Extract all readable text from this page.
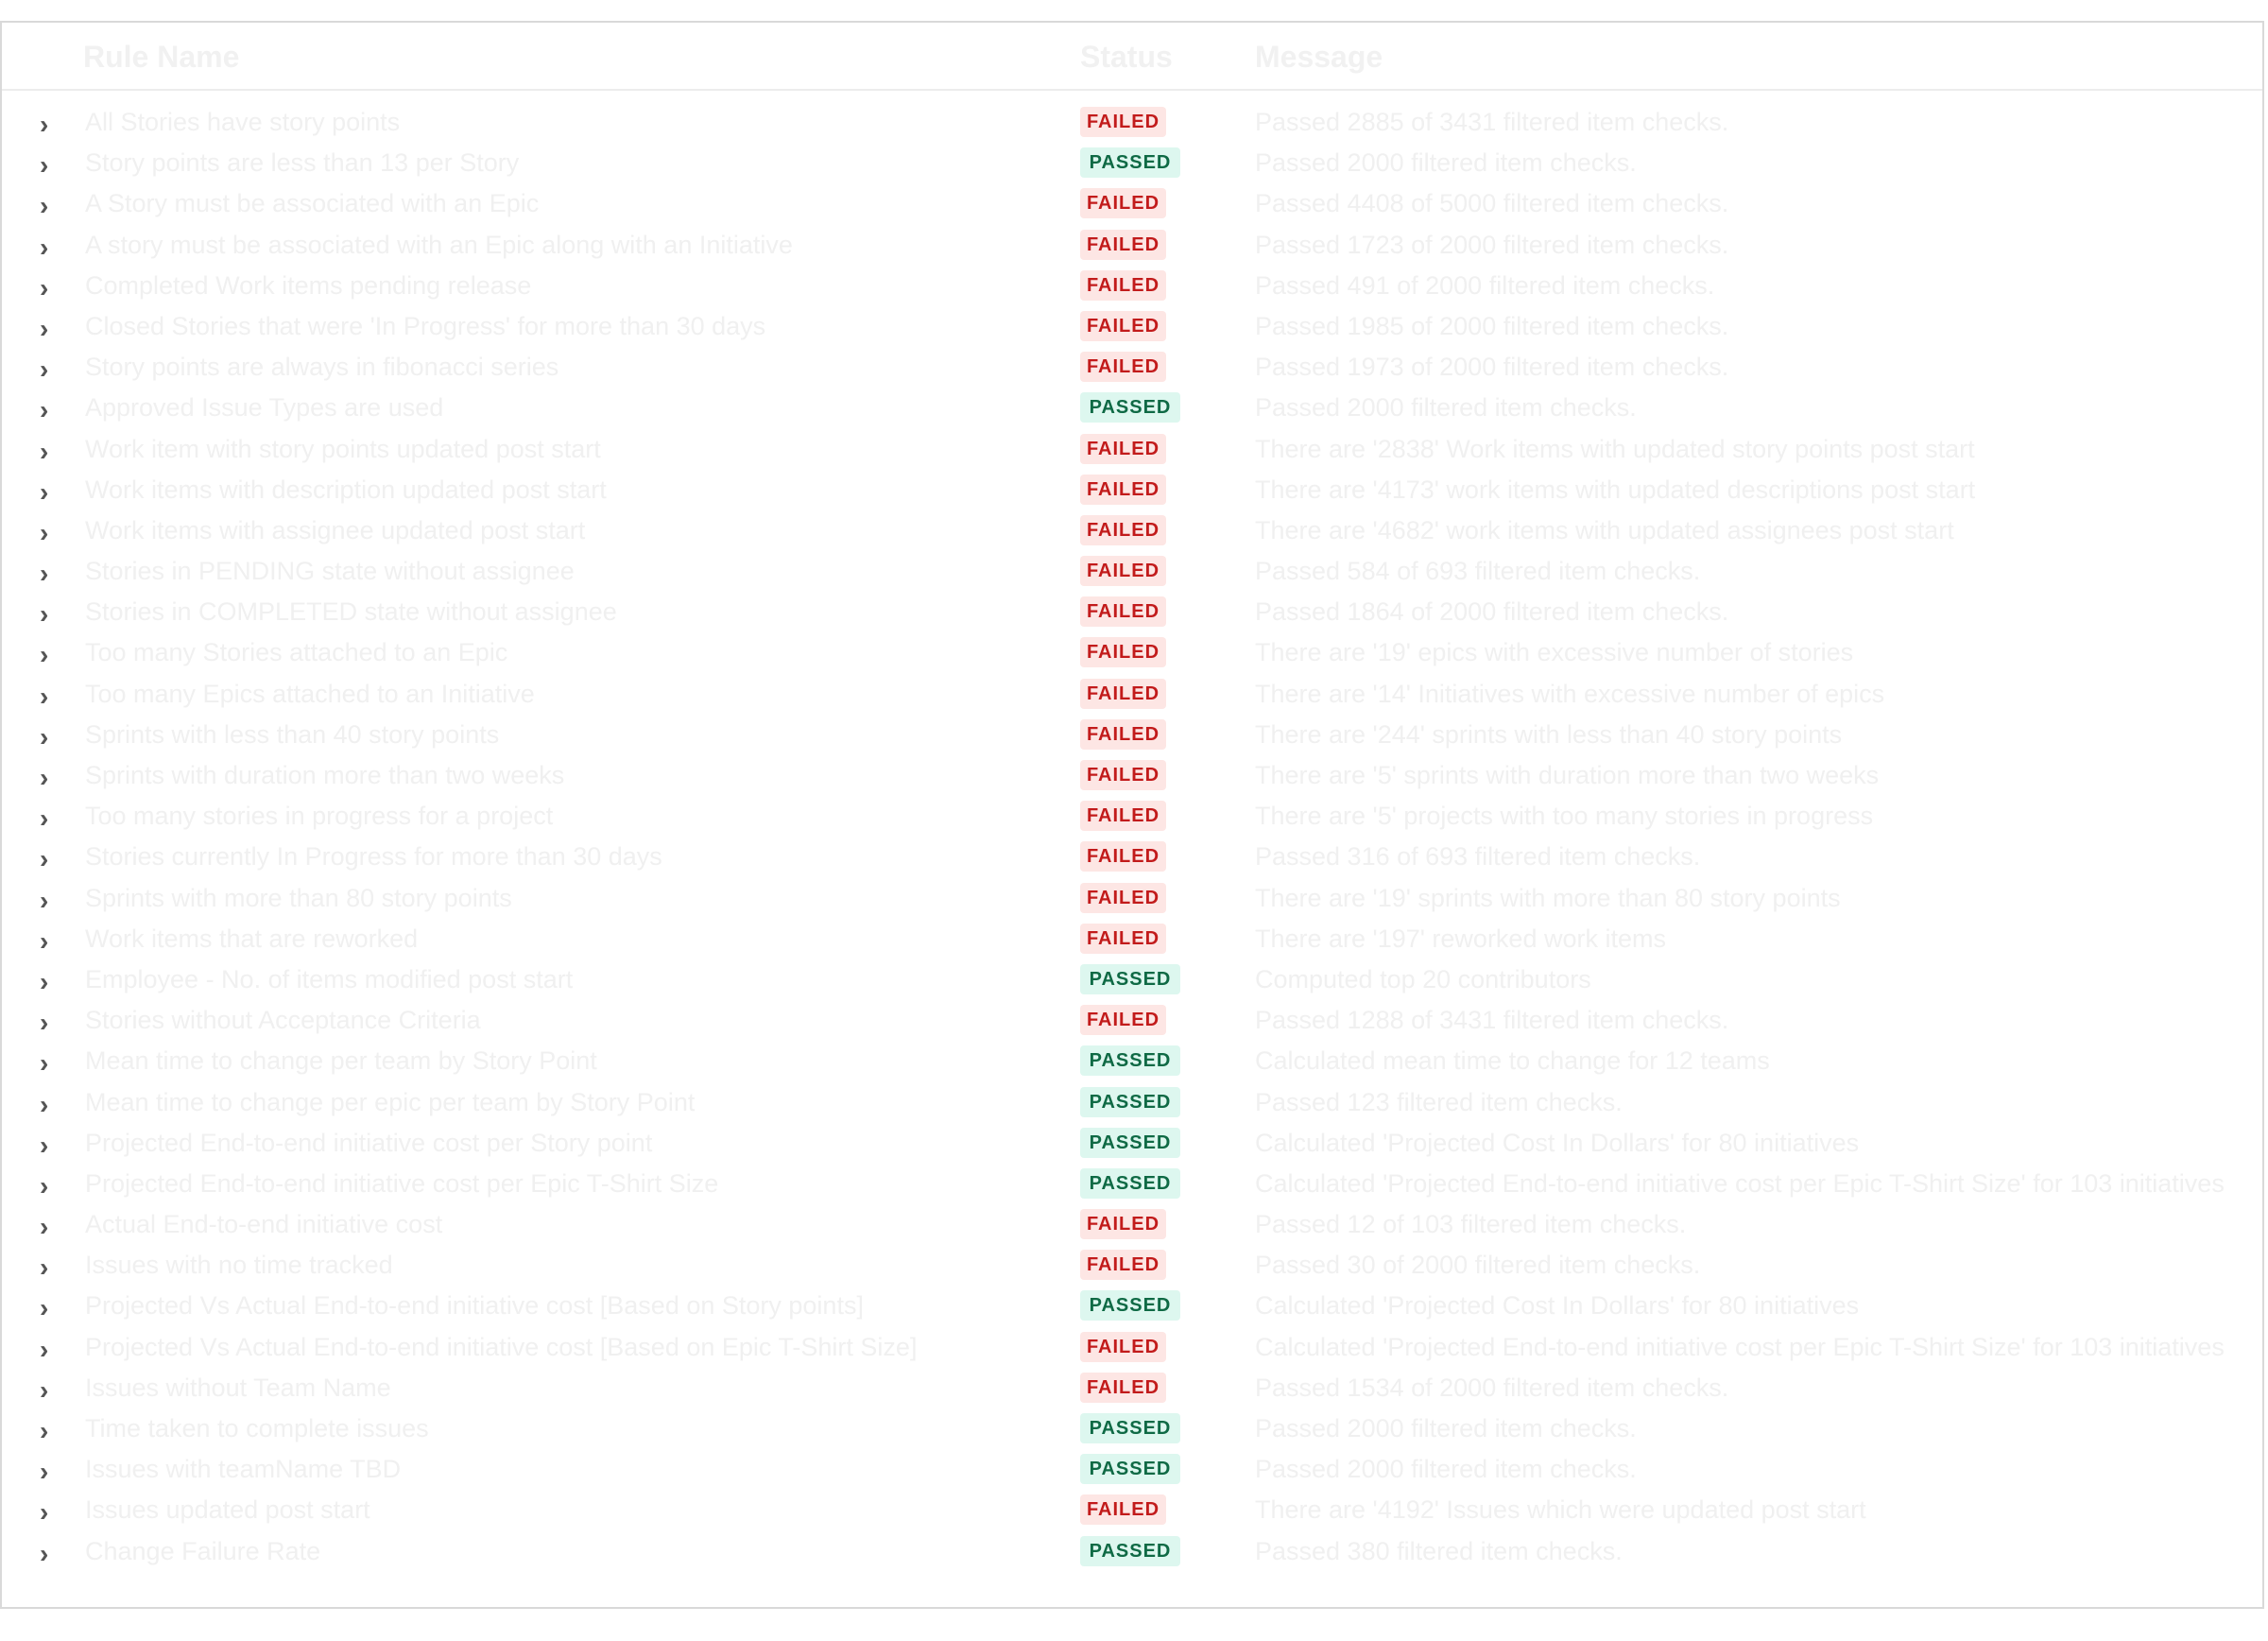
Rule Name	Status	Message
› All Stories have story points	FAILED	Passed 2885 of 3431 filtered item checks.
› Story points are less than 13 per Story	PASSED	Passed 2000 filtered item checks.
› A Story must be associated with an Epic	FAILED	Passed 4408 of 5000 filtered item checks.
› A story must be associated with an Epic along with an Initiative	FAILED	Passed 1723 of 2000 filtered item checks.
› Completed Work items pending release	FAILED	Passed 491 of 2000 filtered item checks.
› Closed Stories that were 'In Progress' for more than 30 days	FAILED	Passed 1985 of 2000 filtered item checks.
› Story points are always in fibonacci series	FAILED	Passed 1973 of 2000 filtered item checks.
› Approved Issue Types are used	PASSED	Passed 2000 filtered item checks.
› Work item with story points updated post start	FAILED	There are '2838' Work items with updated story points post start
› Work items with description updated post start	FAILED	There are '4173' work items with updated descriptions post start
› Work items with assignee updated post start	FAILED	There are '4682' work items with updated assignees post start
› Stories in PENDING state without assignee	FAILED	Passed 584 of 693 filtered item checks.
› Stories in COMPLETED state without assignee	FAILED	Passed 1864 of 2000 filtered item checks.
› Too many Stories attached to an Epic	FAILED	There are '19' epics with excessive number of stories
› Too many Epics attached to an Initiative	FAILED	There are '14' Initiatives with excessive number of epics
› Sprints with less than 40 story points	FAILED	There are '244' sprints with less than 40 story points
› Sprints with duration more than two weeks	FAILED	There are '5' sprints with duration more than two weeks
› Too many stories in progress for a project	FAILED	There are '5' projects with too many stories in progress
› Stories currently In Progress for more than 30 days	FAILED	Passed 316 of 693 filtered item checks.
› Sprints with more than 80 story points	FAILED	There are '19' sprints with more than 80 story points
› Work items that are reworked	FAILED	There are '197' reworked work items
› Employee - No. of items modified post start	PASSED	Computed top 20 contributors
› Stories without Acceptance Criteria	FAILED	Passed 1288 of 3431 filtered item checks.
› Mean time to change per team by Story Point	PASSED	Calculated mean time to change for 12 teams
› Mean time to change per epic per team by Story Point	PASSED	Passed 123 filtered item checks.
› Projected End-to-end initiative cost per Story point	PASSED	Calculated 'Projected Cost In Dollars' for 80 initiatives
› Projected End-to-end initiative cost per Epic T-Shirt Size	PASSED	Calculated 'Projected End-to-end initiative cost per Epic T-Shirt Size' for 103 initiatives
› Actual End-to-end initiative cost	FAILED	Passed 12 of 103 filtered item checks.
› Issues with no time tracked	FAILED	Passed 30 of 2000 filtered item checks.
› Projected Vs Actual End-to-end initiative cost [Based on Story points]	PASSED	Calculated 'Projected Cost In Dollars' for 80 initiatives
› Projected Vs Actual End-to-end initiative cost [Based on Epic T-Shirt Size]	FAILED	Calculated 'Projected End-to-end initiative cost per Epic T-Shirt Size' for 103 initiatives
› Issues without Team Name	FAILED	Passed 1534 of 2000 filtered item checks.
› Time taken to complete issues	PASSED	Passed 2000 filtered item checks.
› Issues with teamName TBD	PASSED	Passed 2000 filtered item checks.
› Issues updated post start	FAILED	There are '4192' Issues which were updated post start
› Change Failure Rate	PASSED	Passed 380 filtered item checks.
